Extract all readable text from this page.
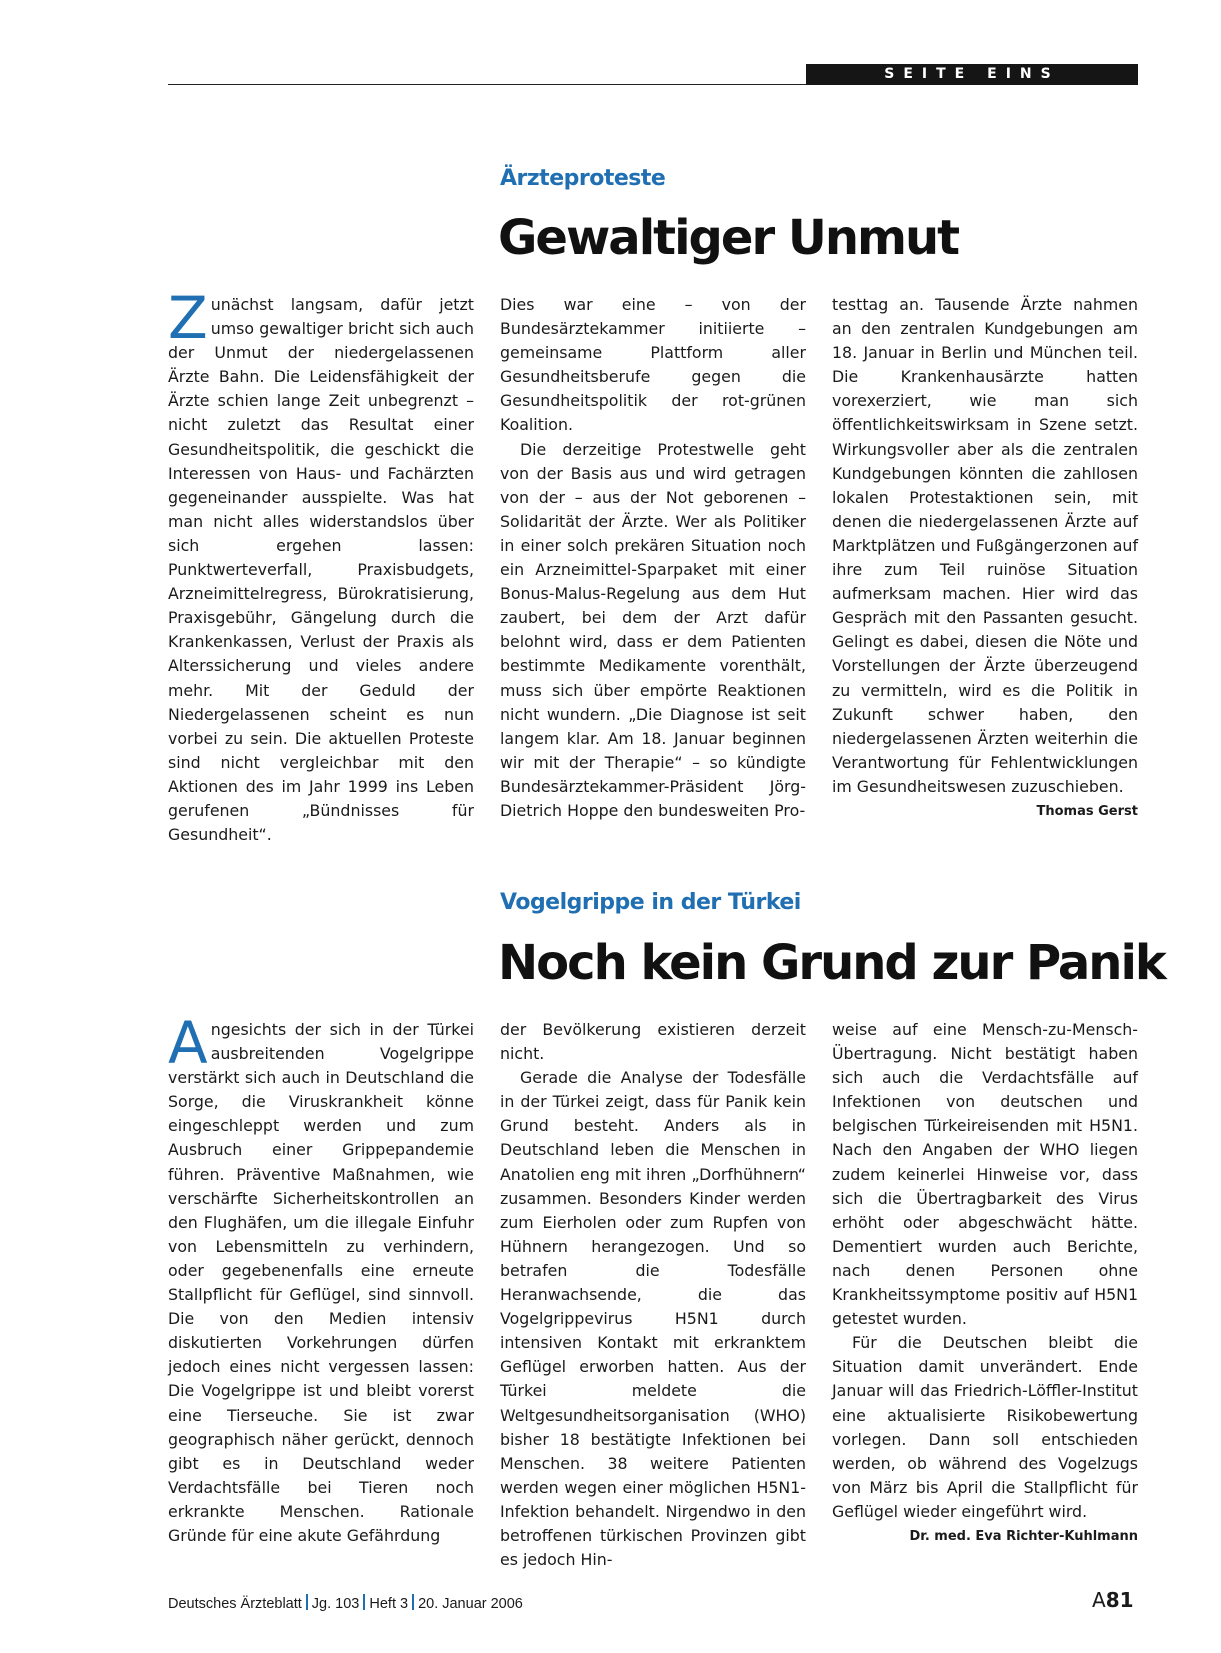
SEITE EINS
Ärzteproteste
Gewaltiger Unmut

Zunächst langsam, dafür jetzt umso gewaltiger bricht sich auch der Unmut der niedergelassenen Ärzte Bahn. Die Leidensfähigkeit der Ärzte schien lange Zeit unbegrenzt – nicht zuletzt das Resultat einer Gesundheitspolitik, die geschickt die Interessen von Haus- und Fachärzten gegeneinander ausspielte. Was hat man nicht alles widerstandslos über sich ergehen lassen: Punktwerteverfall, Praxisbudgets, Arzneimittelregress, Bürokratisierung, Praxisgebühr, Gängelung durch die Krankenkassen, Verlust der Praxis als Alterssicherung und vieles andere mehr. Mit der Geduld der Niedergelassenen scheint es nun vorbei zu sein. Die aktuellen Proteste sind nicht vergleichbar mit den Aktionen des im Jahr 1999 ins Leben gerufenen „Bündnisses für Gesundheit“.

Dies war eine – von der Bundesärztekammer initiierte – gemeinsame Plattform aller Gesundheitsberufe gegen die Gesundheitspolitik der rot-grünen Koalition.

Die derzeitige Protestwelle geht von der Basis aus und wird getragen von der – aus der Not geborenen – Solidarität der Ärzte. Wer als Politiker in einer solch prekären Situation noch ein Arzneimittel-Sparpaket mit einer Bonus-Malus-Regelung aus dem Hut zaubert, bei dem der Arzt dafür belohnt wird, dass er dem Patienten bestimmte Medikamente vorenthält, muss sich über empörte Reaktionen nicht wundern. „Die Diagnose ist seit langem klar. Am 18. Januar beginnen wir mit der Therapie“ – so kündigte Bundesärztekammer-Präsident Jörg-Dietrich Hoppe den bundesweiten Pro-

testtag an. Tausende Ärzte nahmen an den zentralen Kundgebungen am 18. Januar in Berlin und München teil. Die Krankenhausärzte hatten vorexerziert, wie man sich öffentlichkeitswirksam in Szene setzt. Wirkungsvoller aber als die zentralen Kundgebungen könnten die zahllosen lokalen Protestaktionen sein, mit denen die niedergelassenen Ärzte auf Marktplätzen und Fußgängerzonen auf ihre zum Teil ruinöse Situation aufmerksam machen. Hier wird das Gespräch mit den Passanten gesucht. Gelingt es dabei, diesen die Nöte und Vorstellungen der Ärzte überzeugend zu vermitteln, wird es die Politik in Zukunft schwer haben, den niedergelassenen Ärzten weiterhin die Verantwortung für Fehlentwicklungen im Gesundheitswesen zuzuschieben.
Thomas Gerst

Vogelgrippe in der Türkei
Noch kein Grund zur Panik

Angesichts der sich in der Türkei ausbreitenden Vogelgrippe verstärkt sich auch in Deutschland die Sorge, die Viruskrankheit könne eingeschleppt werden und zum Ausbruch einer Grippepandemie führen. Präventive Maßnahmen, wie verschärfte Sicherheitskontrollen an den Flughäfen, um die illegale Einfuhr von Lebensmitteln zu verhindern, oder gegebenenfalls eine erneute Stallpflicht für Geflügel, sind sinnvoll. Die von den Medien intensiv diskutierten Vorkehrungen dürfen jedoch eines nicht vergessen lassen: Die Vogelgrippe ist und bleibt vorerst eine Tierseuche. Sie ist zwar geographisch näher gerückt, dennoch gibt es in Deutschland weder Verdachtsfälle bei Tieren noch erkrankte Menschen. Rationale Gründe für eine akute Gefährdung

der Bevölkerung existieren derzeit nicht.

Gerade die Analyse der Todesfälle in der Türkei zeigt, dass für Panik kein Grund besteht. Anders als in Deutschland leben die Menschen in Anatolien eng mit ihren „Dorfhühnern“ zusammen. Besonders Kinder werden zum Eierholen oder zum Rupfen von Hühnern herangezogen. Und so betrafen die Todesfälle Heranwachsende, die das Vogelgrippevirus H5N1 durch intensiven Kontakt mit erkranktem Geflügel erworben hatten. Aus der Türkei meldete die Weltgesundheitsorganisation (WHO) bisher 18 bestätigte Infektionen bei Menschen. 38 weitere Patienten werden wegen einer möglichen H5N1-Infektion behandelt. Nirgendwo in den betroffenen türkischen Provinzen gibt es jedoch Hin-

weise auf eine Mensch-zu-Mensch-Übertragung. Nicht bestätigt haben sich auch die Verdachtsfälle auf Infektionen von deutschen und belgischen Türkeireisenden mit H5N1. Nach den Angaben der WHO liegen zudem keinerlei Hinweise vor, dass sich die Übertragbarkeit des Virus erhöht oder abgeschwächt hätte. Dementiert wurden auch Berichte, nach denen Personen ohne Krankheitssymptome positiv auf H5N1 getestet wurden.

Für die Deutschen bleibt die Situation damit unverändert. Ende Januar will das Friedrich-Löffler-Institut eine aktualisierte Risikobewertung vorlegen. Dann soll entschieden werden, ob während des Vogelzugs von März bis April die Stallpflicht für Geflügel wieder eingeführt wird.
Dr. med. Eva Richter-Kuhlmann

Deutsches Ärzteblatt Jg. 103 Heft 3 20. Januar 2006	A81
